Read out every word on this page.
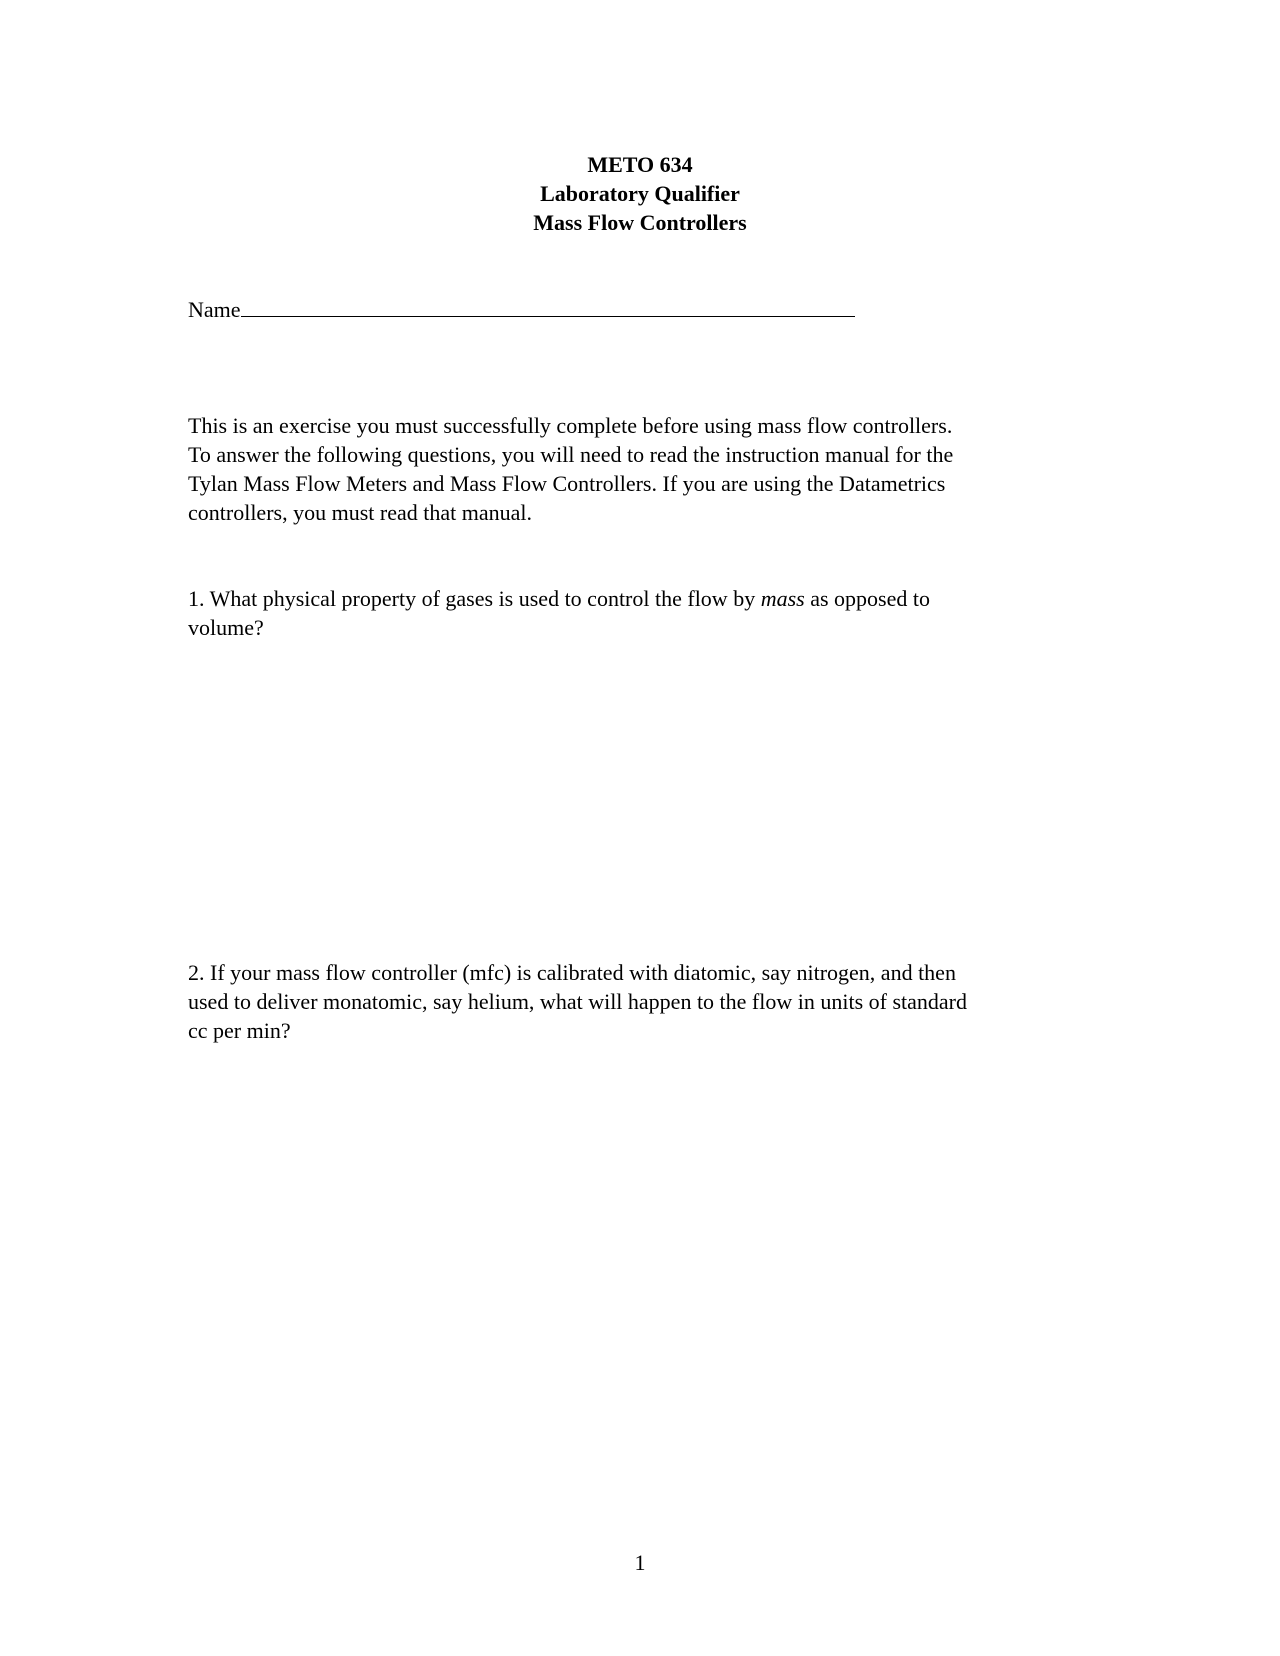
METO 634
Laboratory Qualifier
Mass Flow Controllers
Name

This is an exercise you must successfully complete before using mass flow controllers.
To answer the following questions, you will need to read the instruction manual for the
Tylan Mass Flow Meters and Mass Flow Controllers. If you are using the Datametrics
controllers, you must read that manual.

1. What physical property of gases is used to control the flow by mass as opposed to
volume?

2. If your mass flow controller (mfc) is calibrated with diatomic, say nitrogen, and then
used to deliver monatomic, say helium, what will happen to the flow in units of standard
cc per min?

1
